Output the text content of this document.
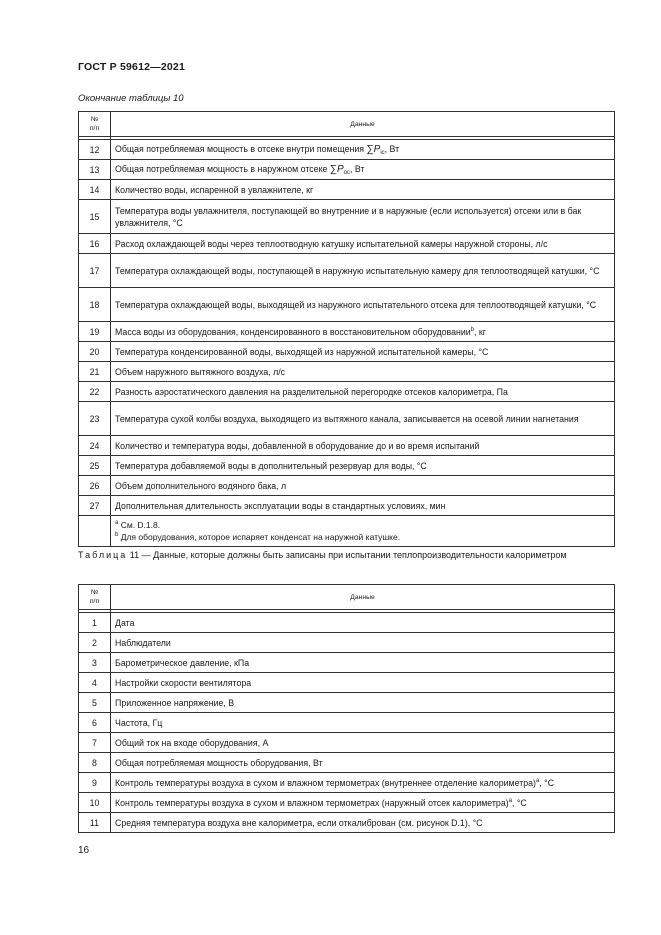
ГОСТ Р 59612—2021
Окончание таблицы 10
№
п/п	Данные

12	Общая потребляемая мощность в отсеке внутри помещения $\sum P_{ic}$, Вт
13	Общая потребляемая мощность в наружном отсеке $\sum P_{oc}$, Вт
14	Количество воды, испаренной в увлажнителе, кг
15	Температура воды увлажнителя, поступающей во внутренние и в наружные (если используется) отсеки или в бак увлажнителя, °С
16	Расход охлаждающей воды через теплоотводную катушку испытательной камеры наружной стороны, л/с
17	Температура охлаждающей воды, поступающей в наружную испытательную камеру для теплоотводящей катушки, °С
18	Температура охлаждающей воды, выходящей из наружного испытательного отсека для теплоотводящей катушки, °С
19	Масса воды из оборудования, конденсированного в восстановительном оборудовании$^b$, кг
20	Температура конденсированной воды, выходящей из наружной испытательной камеры, °С
21	Объем наружного вытяжного воздуха, л/с
22	Разность аэростатического давления на разделительной перегородке отсеков калориметра, Па
23	Температура сухой колбы воздуха, выходящего из вытяжного канала, записывается на осевой линии нагнетания
24	Количество и температура воды, добавленной в оборудование до и во время испытаний
25	Температура добавляемой воды в дополнительный резервуар для воды, °С
26	Объем дополнительного водяного бака, л
27	Дополнительная длительность эксплуатации воды в стандартных условиях, мин

	$^a$ См. D.1.8.
$^b$ Для оборудования, которое испаряет конденсат на наружной катушке.
Таблица 11 — Данные, которые должны быть записаны при испытании теплопроизводительности калориметром
№
п/п	Данные

1	Дата
2	Наблюдатели
3	Барометрическое давление, кПа
4	Настройки скорости вентилятора
5	Приложенное напряжение, В
6	Частота, Гц
7	Общий ток на входе оборудования, А
8	Общая потребляемая мощность оборудования, Вт
9	Контроль температуры воздуха в сухом и влажном термометрах (внутреннее отделение калориметра)$^a$, °С
10	Контроль температуры воздуха в сухом и влажном термометрах (наружный отсек калориметра)$^a$, °С
11	Средняя температура воздуха вне калориметра, если откалиброван (см. рисунок D.1), °С
16
